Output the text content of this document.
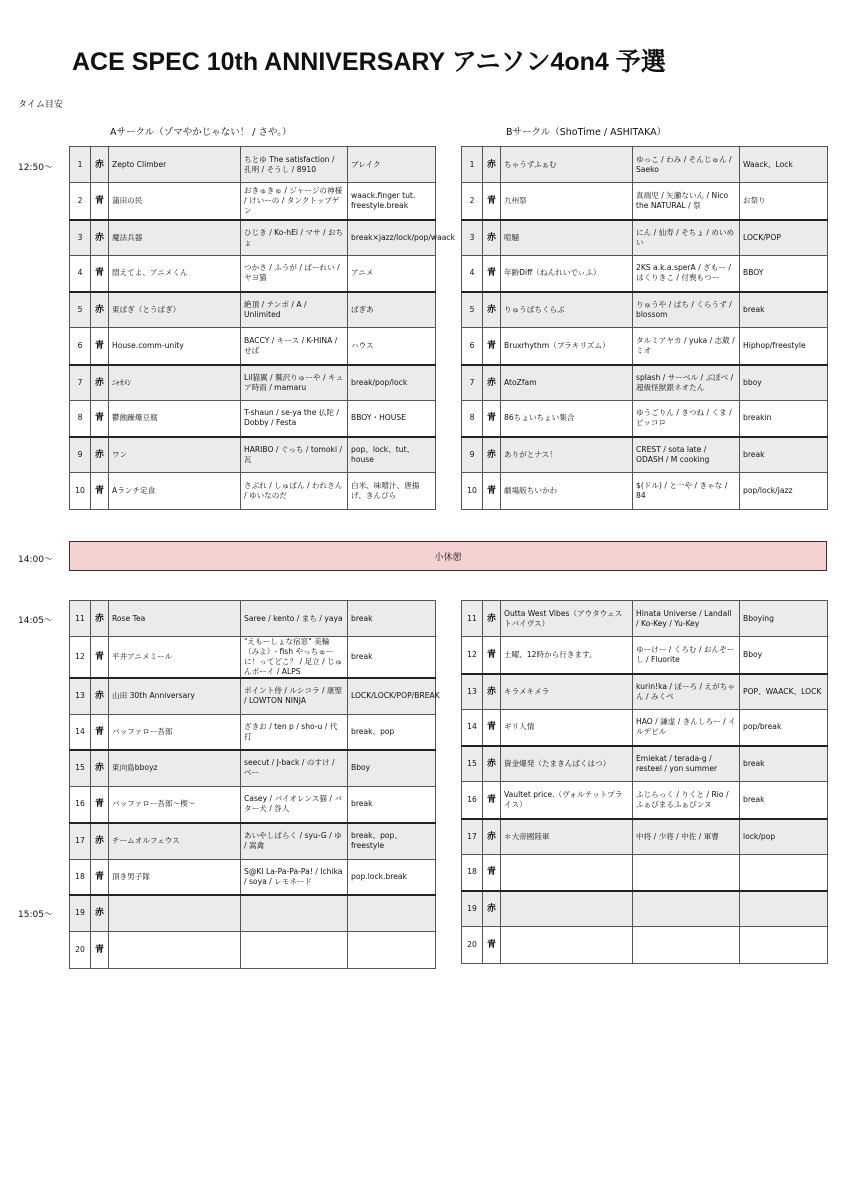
ACE SPEC 10th ANNIVERSARY アニソン4on4 予選
タイム目安
Aサークル（ゾマやかじゃない！ / さや。）	Bサークル（ShoTime / ASHITAKA）
12:50〜
14:00〜
14:05〜
15:05〜
1	赤	Zepto Climber	ちとゆ The satisfaction / 孔明 / そうし / 8910	ブレイク
2	青	蒲田の民	おきゅきゅ / ジャージの神様 / けいーの / タンクトップゲン	waack.finger tut. freestyle.break
3	赤	魔法兵器	ひじき / Ko-hEi / マサ / おちょ	break×jazz/lock/pop/waack
4	青	悶えてよ、アニメくん	つかさ / ふうが / ぱーれい / ヤヨ猫	アニメ
5	赤	東ぱぎ（とうぱぎ）	絶頂 / テンポ / A / Unlimited	ぱぎあ
6	青	House.comm-unity	BACCY / キース / K-HINA / せば	ハウス
7	赤	ﾆｬｵﾒﾝ	Lil猫翼 / 鷲沢りゅーや / キュア時雨 / mamaru	break/pop/lock
8	青	鬱蝕躁爆豆腐	T-shaun / se-ya the 仏陀 / Dobby / Festa	BBOY・HOUSE
9	赤	ワン	HARIBO / ぐっち / tomoki / 瓦	pop、lock、tut、house
10	青	Aランチ定食	さぶれ / しゅぱん / われさん / ゆいなのだ	白米、味噌汁、唐揚げ、きんぴら
1	赤	ちゃうずふぁむ	ゆっこ / わみ / そんじゅん / Saeko	Waack、Lock
2	青	九州祭	真端児 / 矢瀬ないん / Nico the NATURAL / 祭	お祭り
3	赤	喧騒	にん / 仙寿 / そちょ / めいめい	LOCK/POP
4	青	年齢Diff（ねんれいでぃふ）	2KS a.k.a.sperA / ざもー / はくりきこ / 付喪もつー	BBOY
5	赤	りゅうぱちくらぶ	りゅうや / ぱち / くらうず / blossom	break
6	青	Bruxrhythm（ブラキリズム）	タルミアヤカ / yuka / 志葳 / ミオ	Hiphop/freestyle
7	赤	AtoZfam	splash / サーベル / ぶぼべ / 超級怪獣銀ネオたん	bboy
8	青	86ちょいちょい集合	ゆうごりん / きつね / くま / ピッコロ	breakin
9	赤	ありがとナス！	CREST / sota late / ODASH / M cooking	break
10	青	劇場版ちいかわ	$(ドル) / と一や / きゃな / 84	pop/lock/jazz
小休憩
11	赤	Rose Tea	Saree / kento / まち / yaya	break
12	青	平井アニメミール	"えもーしょな宿窓" 美輪（みよ）- fish やっちゅーに！ってどこ？ / 足立 / じゅんボーイ / ALPS	break
13	赤	山田 30th Anniversary	ポイント侍 / ルシコラ / 康聖 / LOWTON NINJA	LOCK/LOCK/POP/BREAK
14	青	バッファロー吾郎	ざきお / ten p / sho-u / 代打	break、pop
15	赤	東向島bboyz	seecut / J-back / のすけ / べー	Bboy
16	青	バッファロー吾郎〜楔〜	Casey / バイオレンス猫 / バター犬 / 咎人	break
17	赤	チームオルフェウス	あいやしぱらく / syu-G / ゆ / 嵩禽	break、pop、freestyle
18	青	頂き男子隊	S@KI La-Pa-Pa-Pa! / Ichika / soya / レモネード	pop.lock.break
19	赤			
20	青			
11	赤	Outta West Vibes（アウタウェストバイヴス）	Hinata Universe / Landall / Ko-Key / Yu-Key	Bboying
12	青	土曜、12時から行きます。	ゆーけー / くろむ / おんぞーし / Fluorite	Bboy
13	赤	キラメキメラ	kurin!ka / ぽーろ / えがちゃん / みくべ	POP、WAACK、LOCK
14	青	ギリ人情	HAO / 謙虚 / きんしろー / イルデビル	pop/break
15	赤	資金爆発（たまきんばくはつ）	Emiekat / terada-g / resteel / yon summer	break
16	青	Vaultet price.（ヴォルテットプライス）	ふじらっく / りくと / Rio / ふぁびまるふぁびンヌ	break
17	赤	＊大帝國陸軍	中将 / 少将 / 中佐 / 軍曹	lock/pop
18	青			
19	赤			
20	青			
